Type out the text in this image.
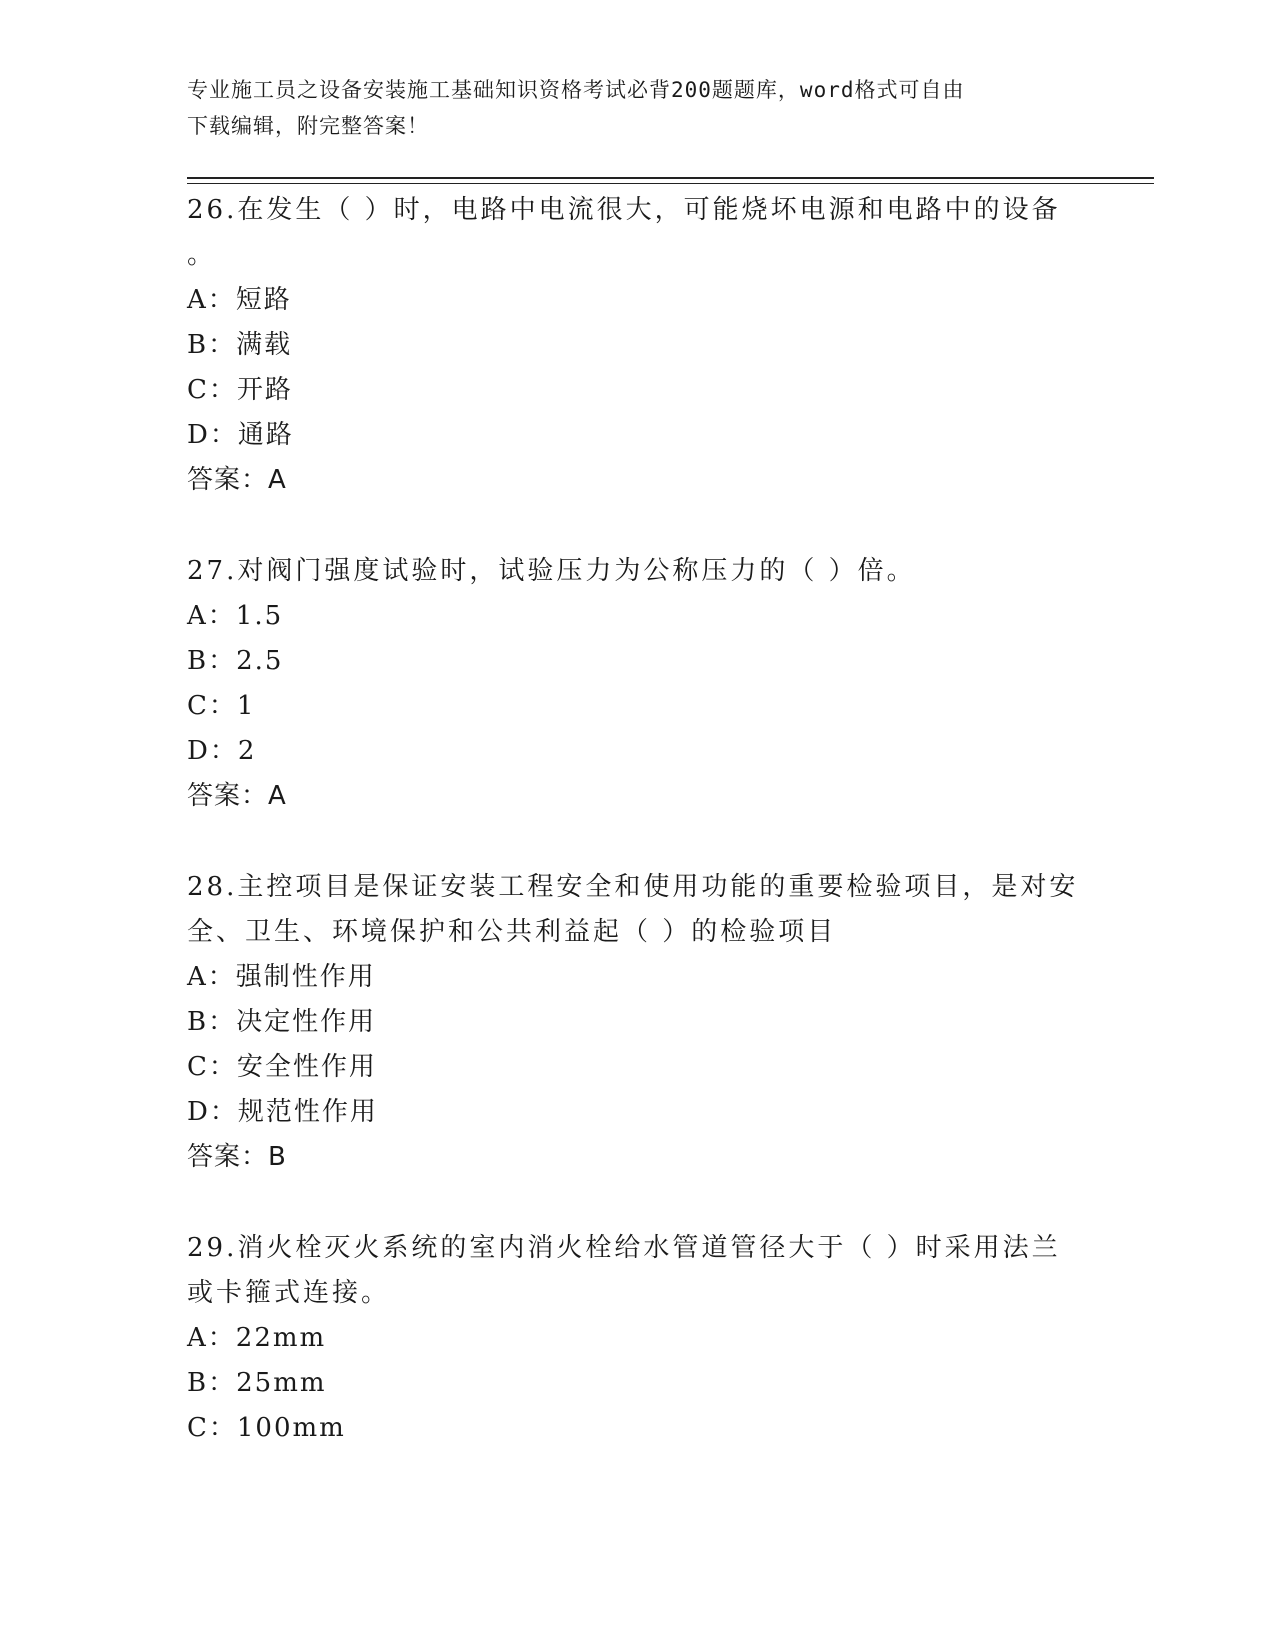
专业施工员之设备安装施工基础知识资格考试必背200题题库，word格式可自由
下载编辑，附完整答案！
26.在发生（ ）时，电路中电流很大，可能烧坏电源和电路中的设备
。
A：短路
B：满载
C：开路
D：通路
答案：A
27.对阀门强度试验时，试验压力为公称压力的（ ）倍。
A：1.5
B：2.5
C：1
D：2
答案：A
28.主控项目是保证安装工程安全和使用功能的重要检验项目，是对安
全、卫生、环境保护和公共利益起（ ）的检验项目
A：强制性作用
B：决定性作用
C：安全性作用
D：规范性作用
答案：B
29.消火栓灭火系统的室内消火栓给水管道管径大于（ ）时采用法兰
或卡箍式连接。
A：22mm
B：25mm
C：100mm
